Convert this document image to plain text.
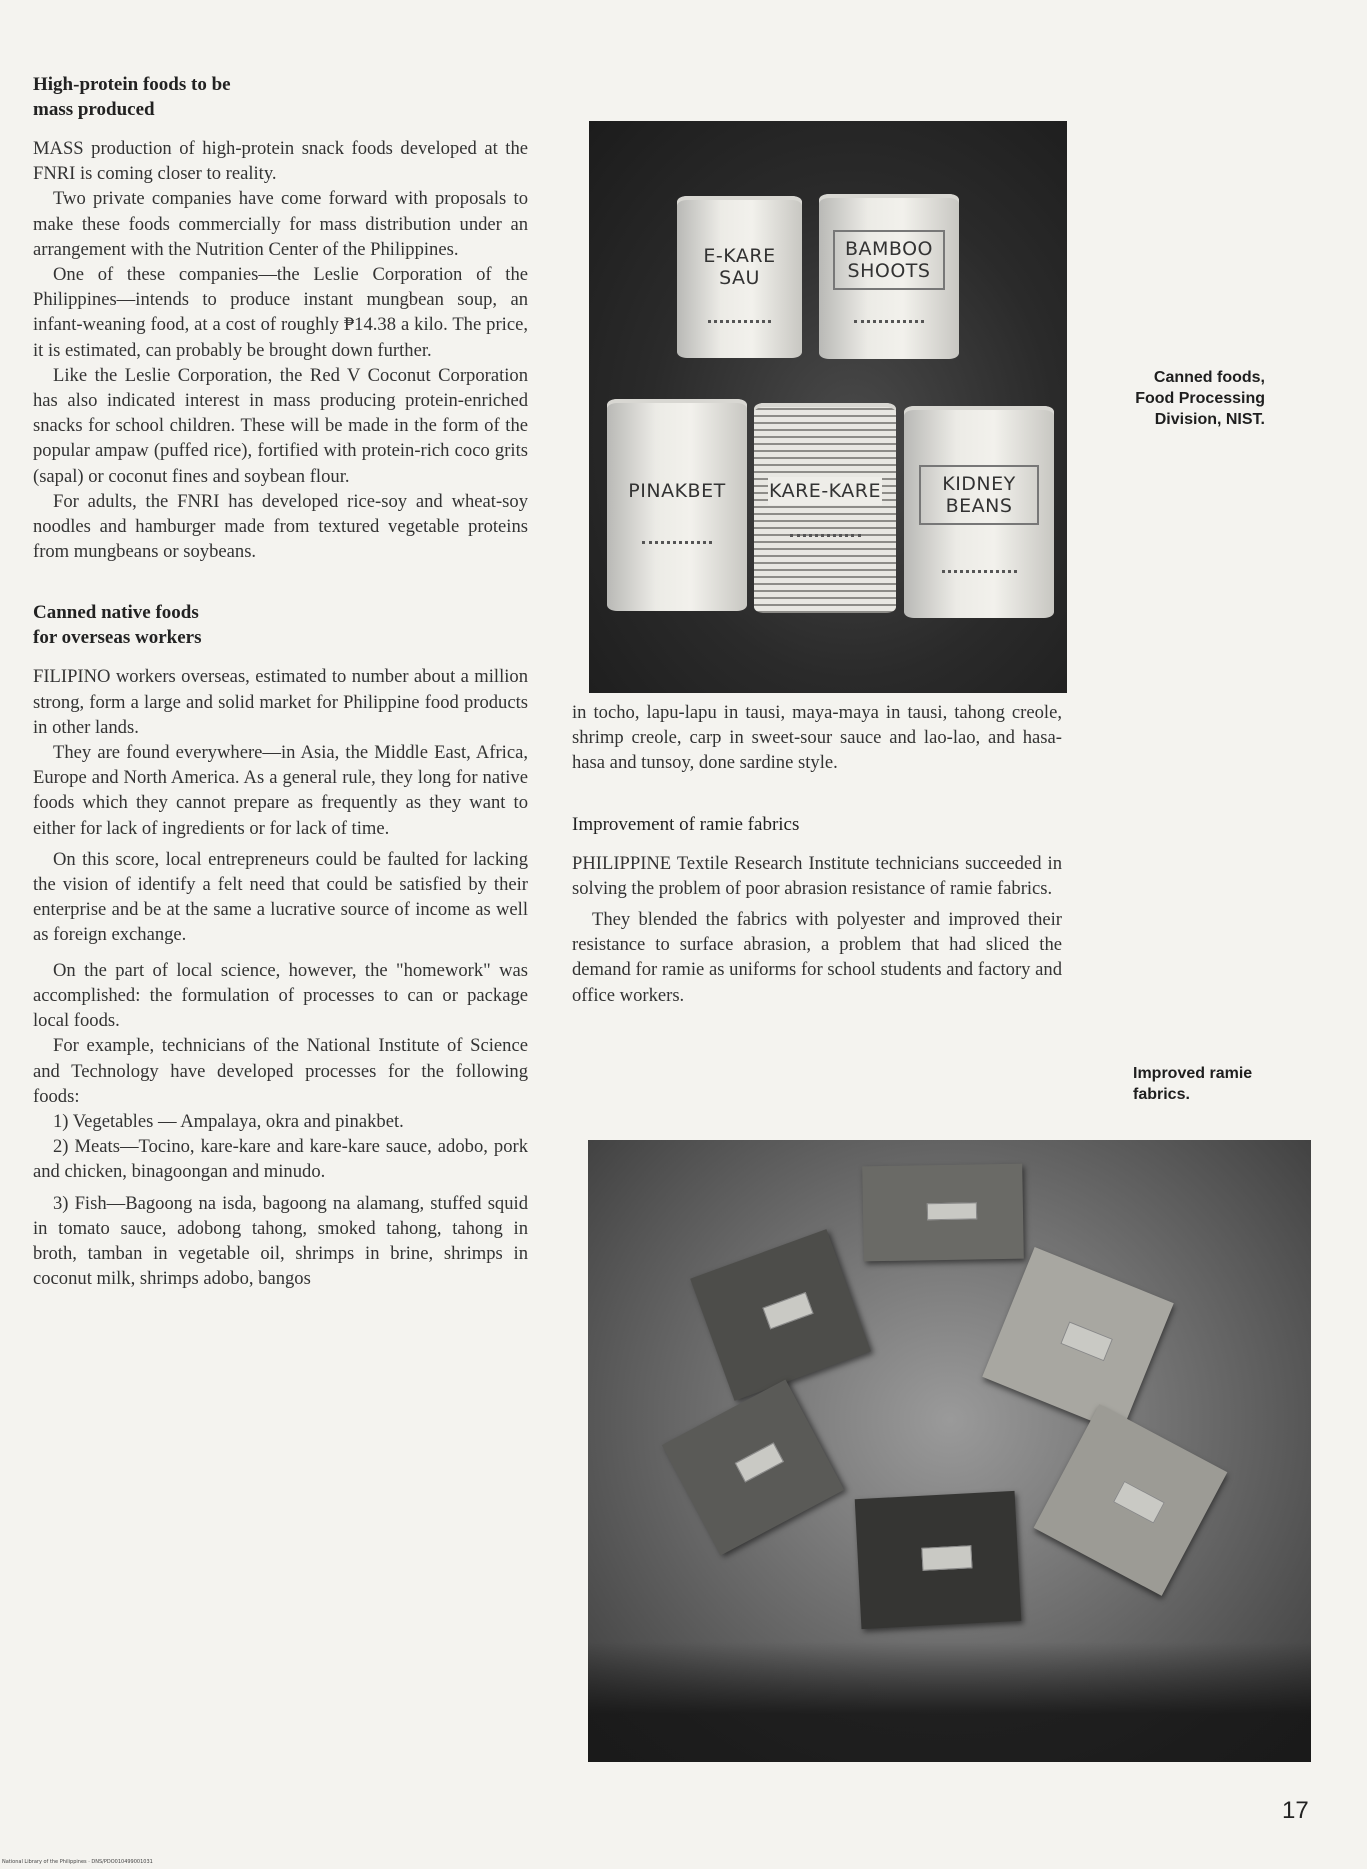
High-protein foods to be
mass produced

MASS production of high-protein snack foods developed at the FNRI is coming closer to reality.

Two private companies have come forward with proposals to make these foods commercially for mass distribution under an arrangement with the Nutrition Center of the Philippines.

One of these companies—the Leslie Corporation of the Philippines—intends to produce instant mungbean soup, an infant-weaning food, at a cost of roughly ₱14.38 a kilo. The price, it is estimated, can probably be brought down further.

Like the Leslie Corporation, the Red V Coconut Corporation has also indicated interest in mass producing protein-enriched snacks for school children. These will be made in the form of the popular ampaw (puffed rice), fortified with protein-rich coco grits (sapal) or coconut fines and soybean flour.

For adults, the FNRI has developed rice-soy and wheat-soy noodles and hamburger made from textured vegetable proteins from mungbeans or soybeans.

Canned native foods
for overseas workers

FILIPINO workers overseas, estimated to number about a million strong, form a large and solid market for Philippine food products in other lands.

They are found everywhere—in Asia, the Middle East, Africa, Europe and North America. As a general rule, they long for native foods which they cannot prepare as frequently as they want to either for lack of ingredients or for lack of time.

On this score, local entrepreneurs could be faulted for lacking the vision of identify a felt need that could be satisfied by their enterprise and be at the same a lucrative source of income as well as foreign exchange.

On the part of local science, however, the "homework" was accomplished: the formulation of processes to can or package local foods.

For example, technicians of the National Institute of Science and Technology have developed processes for the following foods:

1) Vegetables — Ampalaya, okra and pinakbet.

2) Meats—Tocino, kare-kare and kare-kare sauce, adobo, pork and chicken, binagoongan and minudo.

3) Fish—Bagoong na isda, bagoong na alamang, stuffed squid in tomato sauce, adobong tahong, smoked tahong, tahong in broth, tamban in vegetable oil, shrimps in brine, shrimps in coconut milk, shrimps adobo, bangos

E-KARE SAU
BAMBOO
SHOOTS
PINAKBET	KARE-KARE	KIDNEY
BEANS
Canned foods,
Food Processing
Division, NIST.

in tocho, lapu-lapu in tausi, maya-maya in tausi, tahong creole, shrimp creole, carp in sweet-sour sauce and lao-lao, and hasa-hasa and tunsoy, done sardine style.

Improvement of ramie fabrics

PHILIPPINE Textile Research Institute technicians succeeded in solving the problem of poor abrasion resistance of ramie fabrics.

They blended the fabrics with polyester and improved their resistance to surface abrasion, a problem that had sliced the demand for ramie as uniforms for school students and factory and office workers.

Improved ramie
fabrics.
17
National Library of the Philippines · DNS/PDO010499001031
